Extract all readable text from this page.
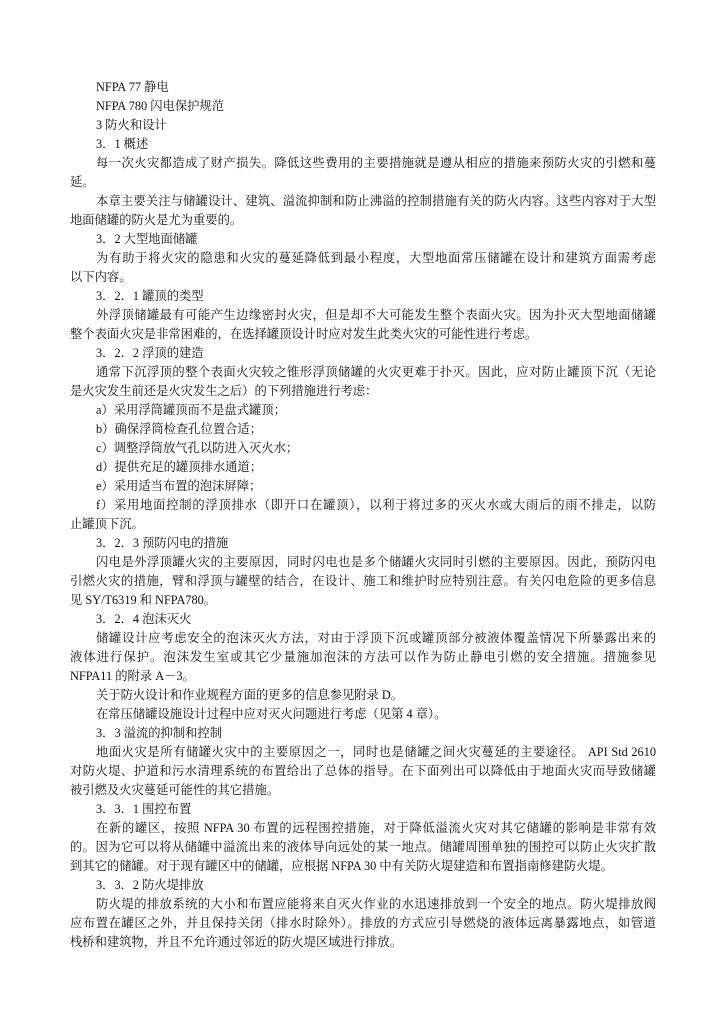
NFPA 77 静电
NFPA 780 闪电保护规范
3 防火和设计
3．1 概述
每一次火灾都造成了财产损失。降低这些费用的主要措施就是遵从相应的措施来预防火灾的引燃和蔓
延。
本章主要关注与储罐设计、建筑、溢流抑制和防止沸溢的控制措施有关的防火内容。这些内容对于大型
地面储罐的防火是尤为重要的。
3．2 大型地面储罐
为有助于将火灾的隐患和火灾的蔓延降低到最小程度，大型地面常压储罐在设计和建筑方面需考虑
以下内容。
3．2．1 罐顶的类型
外浮顶储罐最有可能产生边缘密封火灾，但是却不大可能发生整个表面火灾。因为扑灭大型地面储罐
整个表面火灾是非常困难的，在选择罐顶设计时应对发生此类火灾的可能性进行考虑。
3．2．2 浮顶的建造
通常下沉浮顶的整个表面火灾较之锥形浮顶储罐的火灾更难于扑灭。因此，应对防止罐顶下沉（无论
是火灾发生前还是火灾发生之后）的下列措施进行考虑：
a）采用浮筒罐顶而不是盘式罐顶；
b）确保浮筒检查孔位置合适；
c）调整浮筒放气孔以防进入灭火水；
d）提供充足的罐顶排水通道；
e）采用适当布置的泡沫屏障；
f）采用地面控制的浮顶排水（即开口在罐顶），以利于将过多的灭火水或大雨后的雨不排走，以防
止罐顶下沉。
3．2．3 预防闪电的措施
闪电是外浮顶罐火灾的主要原因，同时闪电也是多个储罐火灾同时引燃的主要原因。因此，预防闪电
引燃火灾的措施，臂和浮顶与罐壁的结合，在设计、施工和维护时应特别注意。有关闪电危险的更多信息
见 SY/T6319 和 NFPA780。
3．2．4 泡沫灭火
储罐设计应考虑安全的泡沫灭火方法，对由于浮顶下沉或罐顶部分被液体覆盖情况下所暴露出来的
液体进行保护。泡沫发生室或其它少量施加泡沫的方法可以作为防止静电引燃的安全措施。措施参见
NFPA11 的附录 A－3。
关于防火设计和作业规程方面的更多的信息参见附录 D。
在常压储罐设施设计过程中应对灭火问题进行考虑（见第 4 章）。
3．3 溢流的抑制和控制
地面火灾是所有储罐火灾中的主要原因之一，同时也是储罐之间火灾蔓延的主要途径。 API Std 2610
对防火堤、护道和污水清理系统的布置给出了总体的指导。在下面列出可以降低由于地面火灾而导致储罐
被引燃及火灾蔓延可能性的其它措施。
3．3．1 围控布置
在新的罐区，按照 NFPA 30 布置的远程围控措施，对于降低溢流火灾对其它储罐的影响是非常有效
的。因为它可以将从储罐中溢流出来的液体导向远处的某一地点。储罐周围单独的围控可以防止火灾扩散
到其它的储罐。对于现有罐区中的储罐，应根据 NFPA 30 中有关防火堤建造和布置指南修建防火堤。
3．3．2 防火堤排放
防火堤的排放系统的大小和布置应能将来自灭火作业的水迅速排放到一个安全的地点。防火堤排放阀
应布置在罐区之外，并且保持关闭（排水时除外）。排放的方式应引导燃烧的液体远离暴露地点，如管道
栈桥和建筑物，并且不允许通过邻近的防火堤区域进行排放。
